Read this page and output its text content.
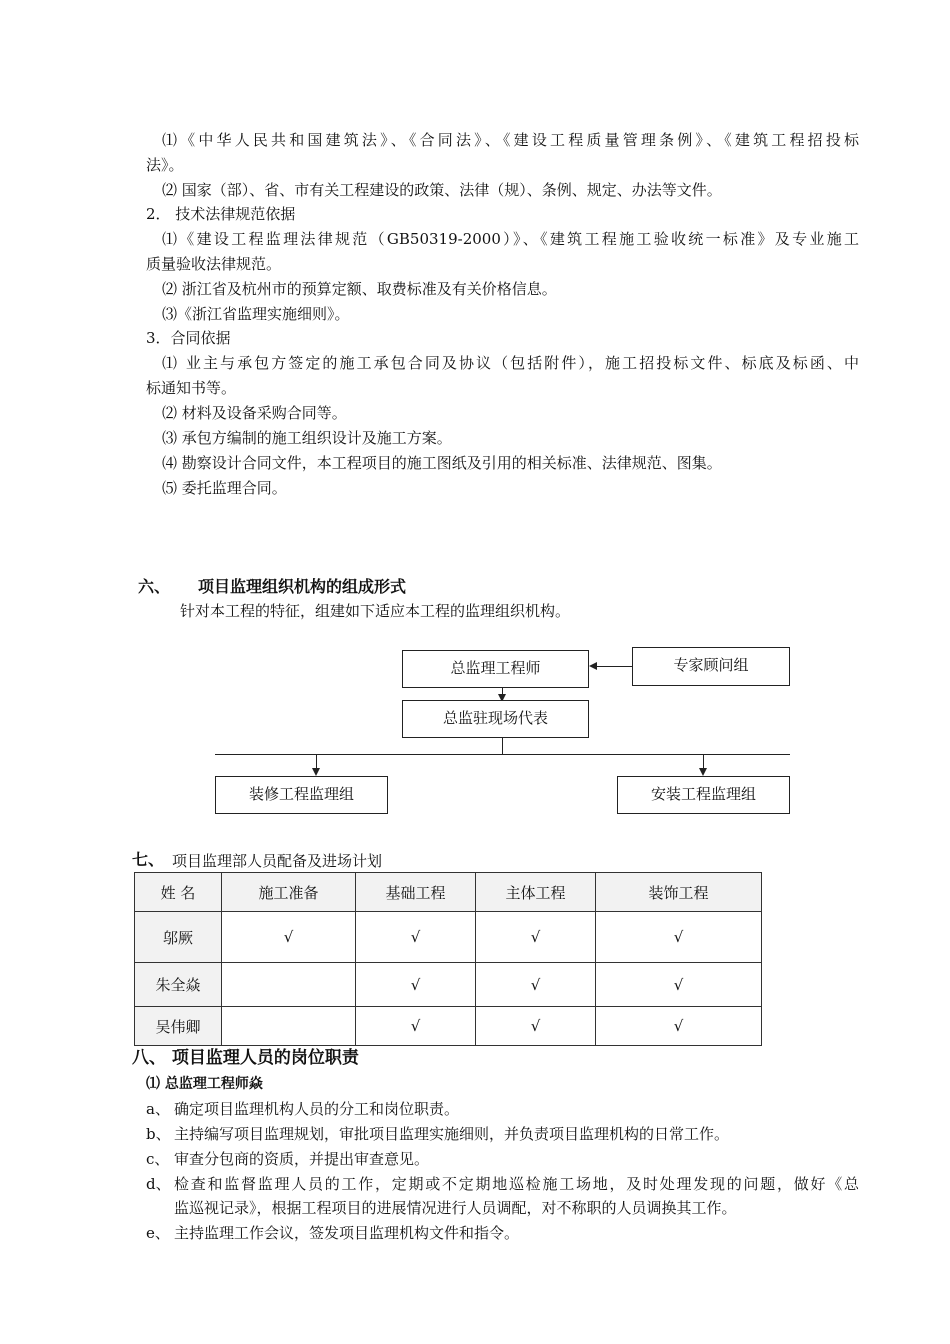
⑴《中华人民共和国建筑法》、《合同法》、《建设工程质量管理条例》、《建筑工程招投标
法》。
⑵ 国家（部）、省、市有关工程建设的政策、法律（规）、条例、规定、办法等文件。
2． 技术法律规范依据
⑴《建设工程监理法律规范（GB50319-2000）》、《建筑工程施工验收统一标准》及专业施工
质量验收法律规范。
⑵ 浙江省及杭州市的预算定额、取费标准及有关价格信息。
⑶《浙江省监理实施细则》。
3．合同依据
⑴ 业主与承包方签定的施工承包合同及协议（包括附件），施工招投标文件、标底及标函、中
标通知书等。
⑵ 材料及设备采购合同等。
⑶ 承包方编制的施工组织设计及施工方案。
⑷ 勘察设计合同文件，本工程项目的施工图纸及引用的相关标准、法律规范、图集。
⑸ 委托监理合同。
六、 项目监理组织机构的组成形式
针对本工程的特征，组建如下适应本工程的监理组织机构。
总监理工程师	专家顾问组
总监驻现场代表
装修工程监理组	安装工程监理组
七、 项目监理部人员配备及进场计划
姓 名	施工准备	基础工程	主体工程	装饰工程
邬厥	√	√	√	√
朱全焱		√	√	√
吴伟卿		√	√	√
八、 项目监理人员的岗位职责
⑴ 总监理工程师焱
a、 确定项目监理机构人员的分工和岗位职责。
b、 主持编写项目监理规划，审批项目监理实施细则，并负责项目监理机构的日常工作。
c、 审查分包商的资质，并提出审查意见。
d、 检查和监督监理人员的工作，定期或不定期地巡检施工场地，及时处理发现的问题，做好《总
监巡视记录》，根据工程项目的进展情况进行人员调配，对不称职的人员调换其工作。
e、 主持监理工作会议，签发项目监理机构文件和指令。
